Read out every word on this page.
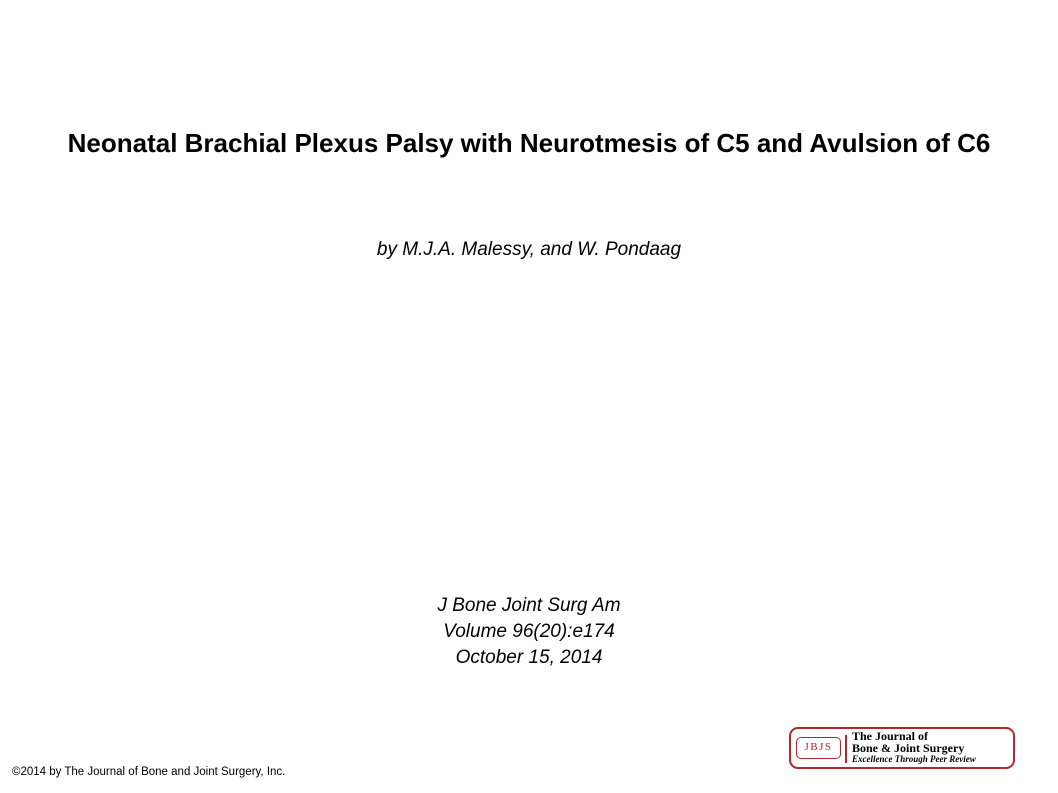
Neonatal Brachial Plexus Palsy with Neurotmesis of C5 and Avulsion of C6
by M.J.A. Malessy, and W. Pondaag
J Bone Joint Surg Am
Volume 96(20):e174
October 15, 2014
©2014 by The Journal of Bone and Joint Surgery, Inc.
JBJS
The Journal of
Bone & Joint Surgery
Excellence Through Peer Review
